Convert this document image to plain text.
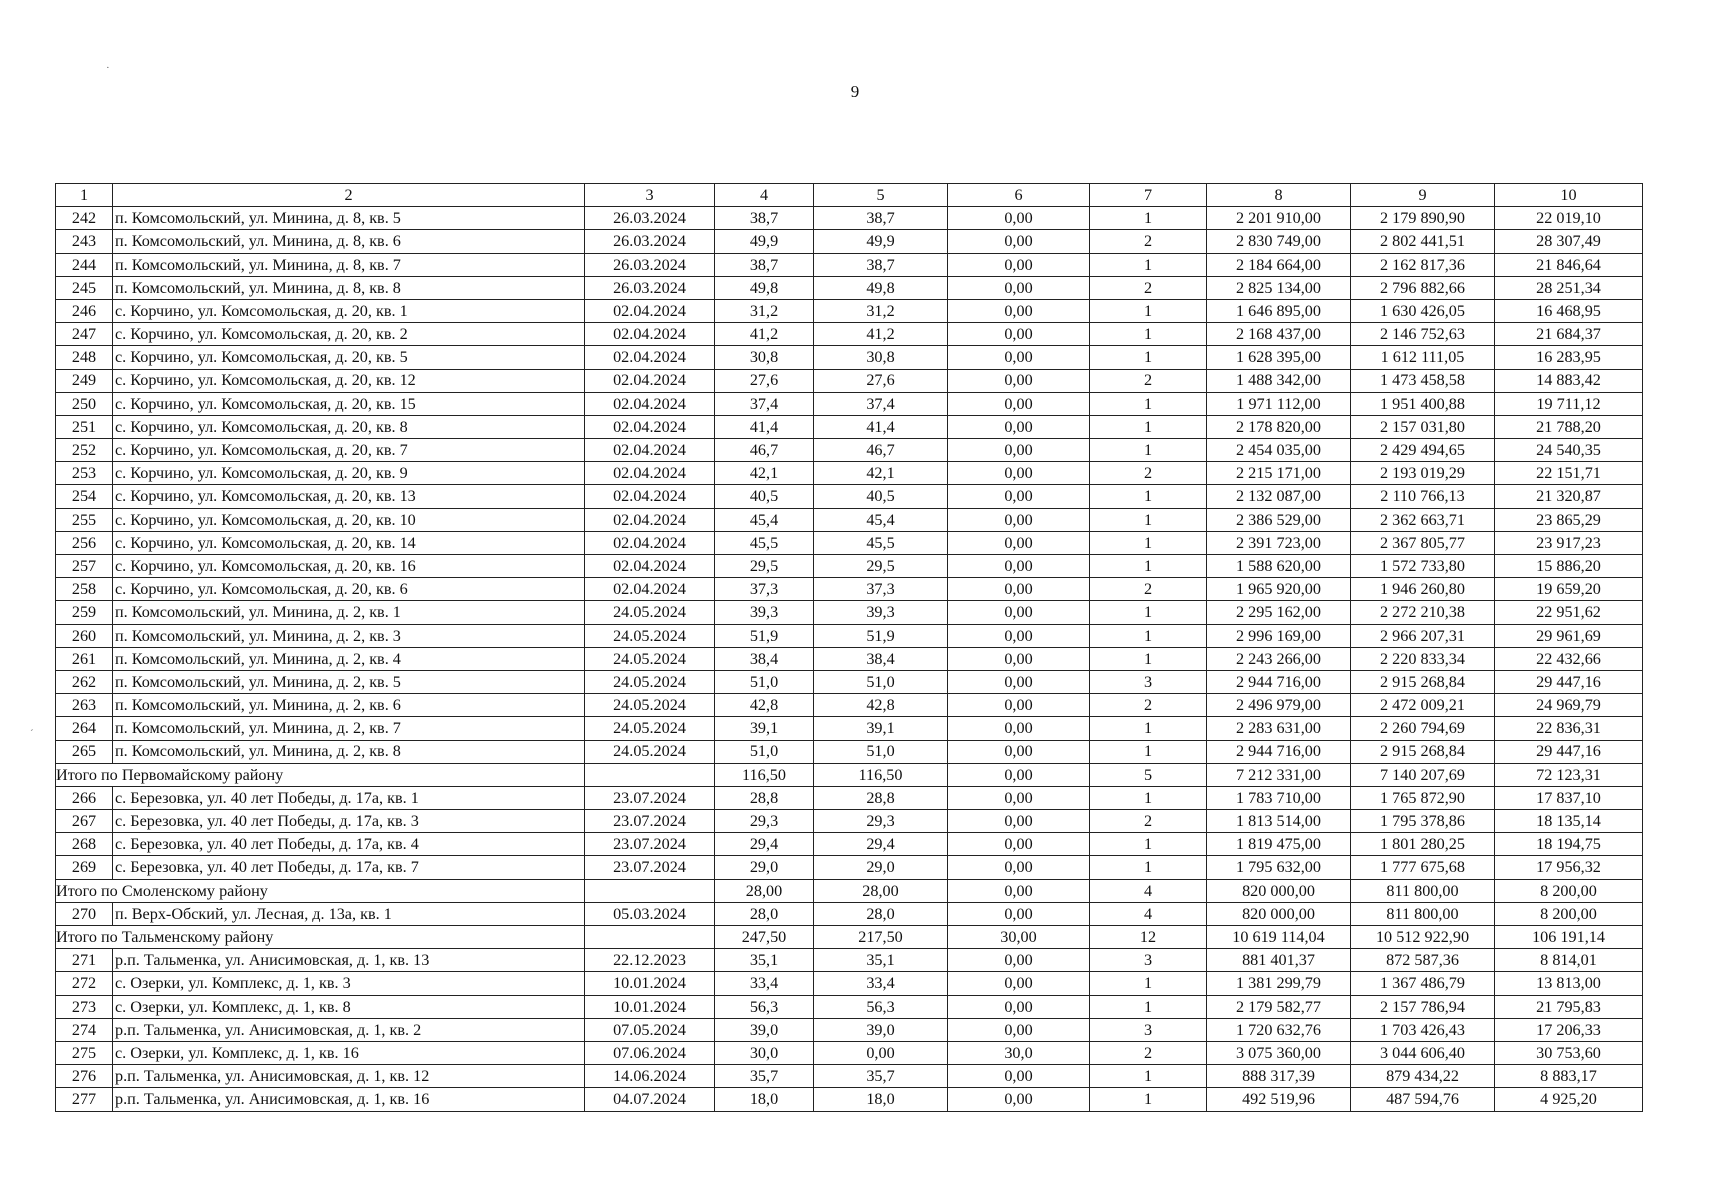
9
1	2	3	4	5	6	7	8	9	10
242	п. Комсомольский, ул. Минина, д. 8, кв. 5	26.03.2024	38,7	38,7	0,00	1	2 201 910,00	2 179 890,90	22 019,10
243	п. Комсомольский, ул. Минина, д. 8, кв. 6	26.03.2024	49,9	49,9	0,00	2	2 830 749,00	2 802 441,51	28 307,49
244	п. Комсомольский, ул. Минина, д. 8, кв. 7	26.03.2024	38,7	38,7	0,00	1	2 184 664,00	2 162 817,36	21 846,64
245	п. Комсомольский, ул. Минина, д. 8, кв. 8	26.03.2024	49,8	49,8	0,00	2	2 825 134,00	2 796 882,66	28 251,34
246	с. Корчино, ул. Комсомольская, д. 20, кв. 1	02.04.2024	31,2	31,2	0,00	1	1 646 895,00	1 630 426,05	16 468,95
247	с. Корчино, ул. Комсомольская, д. 20, кв. 2	02.04.2024	41,2	41,2	0,00	1	2 168 437,00	2 146 752,63	21 684,37
248	с. Корчино, ул. Комсомольская, д. 20, кв. 5	02.04.2024	30,8	30,8	0,00	1	1 628 395,00	1 612 111,05	16 283,95
249	с. Корчино, ул. Комсомольская, д. 20, кв. 12	02.04.2024	27,6	27,6	0,00	2	1 488 342,00	1 473 458,58	14 883,42
250	с. Корчино, ул. Комсомольская, д. 20, кв. 15	02.04.2024	37,4	37,4	0,00	1	1 971 112,00	1 951 400,88	19 711,12
251	с. Корчино, ул. Комсомольская, д. 20, кв. 8	02.04.2024	41,4	41,4	0,00	1	2 178 820,00	2 157 031,80	21 788,20
252	с. Корчино, ул. Комсомольская, д. 20, кв. 7	02.04.2024	46,7	46,7	0,00	1	2 454 035,00	2 429 494,65	24 540,35
253	с. Корчино, ул. Комсомольская, д. 20, кв. 9	02.04.2024	42,1	42,1	0,00	2	2 215 171,00	2 193 019,29	22 151,71
254	с. Корчино, ул. Комсомольская, д. 20, кв. 13	02.04.2024	40,5	40,5	0,00	1	2 132 087,00	2 110 766,13	21 320,87
255	с. Корчино, ул. Комсомольская, д. 20, кв. 10	02.04.2024	45,4	45,4	0,00	1	2 386 529,00	2 362 663,71	23 865,29
256	с. Корчино, ул. Комсомольская, д. 20, кв. 14	02.04.2024	45,5	45,5	0,00	1	2 391 723,00	2 367 805,77	23 917,23
257	с. Корчино, ул. Комсомольская, д. 20, кв. 16	02.04.2024	29,5	29,5	0,00	1	1 588 620,00	1 572 733,80	15 886,20
258	с. Корчино, ул. Комсомольская, д. 20, кв. 6	02.04.2024	37,3	37,3	0,00	2	1 965 920,00	1 946 260,80	19 659,20
259	п. Комсомольский, ул. Минина, д. 2, кв. 1	24.05.2024	39,3	39,3	0,00	1	2 295 162,00	2 272 210,38	22 951,62
260	п. Комсомольский, ул. Минина, д. 2, кв. 3	24.05.2024	51,9	51,9	0,00	1	2 996 169,00	2 966 207,31	29 961,69
261	п. Комсомольский, ул. Минина, д. 2, кв. 4	24.05.2024	38,4	38,4	0,00	1	2 243 266,00	2 220 833,34	22 432,66
262	п. Комсомольский, ул. Минина, д. 2, кв. 5	24.05.2024	51,0	51,0	0,00	3	2 944 716,00	2 915 268,84	29 447,16
263	п. Комсомольский, ул. Минина, д. 2, кв. 6	24.05.2024	42,8	42,8	0,00	2	2 496 979,00	2 472 009,21	24 969,79
264	п. Комсомольский, ул. Минина, д. 2, кв. 7	24.05.2024	39,1	39,1	0,00	1	2 283 631,00	2 260 794,69	22 836,31
265	п. Комсомольский, ул. Минина, д. 2, кв. 8	24.05.2024	51,0	51,0	0,00	1	2 944 716,00	2 915 268,84	29 447,16
Итого по Первомайскому району			116,50	116,50	0,00	5	7 212 331,00	7 140 207,69	72 123,31
266	с. Березовка, ул. 40 лет Победы, д. 17а, кв. 1	23.07.2024	28,8	28,8	0,00	1	1 783 710,00	1 765 872,90	17 837,10
267	с. Березовка, ул. 40 лет Победы, д. 17а, кв. 3	23.07.2024	29,3	29,3	0,00	2	1 813 514,00	1 795 378,86	18 135,14
268	с. Березовка, ул. 40 лет Победы, д. 17а, кв. 4	23.07.2024	29,4	29,4	0,00	1	1 819 475,00	1 801 280,25	18 194,75
269	с. Березовка, ул. 40 лет Победы, д. 17а, кв. 7	23.07.2024	29,0	29,0	0,00	1	1 795 632,00	1 777 675,68	17 956,32
Итого по Смоленскому району			28,00	28,00	0,00	4	820 000,00	811 800,00	8 200,00
270	п. Верх-Обский, ул. Лесная, д. 13а, кв. 1	05.03.2024	28,0	28,0	0,00	4	820 000,00	811 800,00	8 200,00
Итого по Тальменскому району			247,50	217,50	30,00	12	10 619 114,04	10 512 922,90	106 191,14
271	р.п. Тальменка, ул. Анисимовская, д. 1, кв. 13	22.12.2023	35,1	35,1	0,00	3	881 401,37	872 587,36	8 814,01
272	с. Озерки, ул. Комплекс, д. 1, кв. 3	10.01.2024	33,4	33,4	0,00	1	1 381 299,79	1 367 486,79	13 813,00
273	с. Озерки, ул. Комплекс, д. 1, кв. 8	10.01.2024	56,3	56,3	0,00	1	2 179 582,77	2 157 786,94	21 795,83
274	р.п. Тальменка, ул. Анисимовская, д. 1, кв. 2	07.05.2024	39,0	39,0	0,00	3	1 720 632,76	1 703 426,43	17 206,33
275	с. Озерки, ул. Комплекс, д. 1, кв. 16	07.06.2024	30,0	0,00	30,0	2	3 075 360,00	3 044 606,40	30 753,60
276	р.п. Тальменка, ул. Анисимовская, д. 1, кв. 12	14.06.2024	35,7	35,7	0,00	1	888 317,39	879 434,22	8 883,17
277	р.п. Тальменка, ул. Анисимовская, д. 1, кв. 16	04.07.2024	18,0	18,0	0,00	1	492 519,96	487 594,76	4 925,20
·
´
